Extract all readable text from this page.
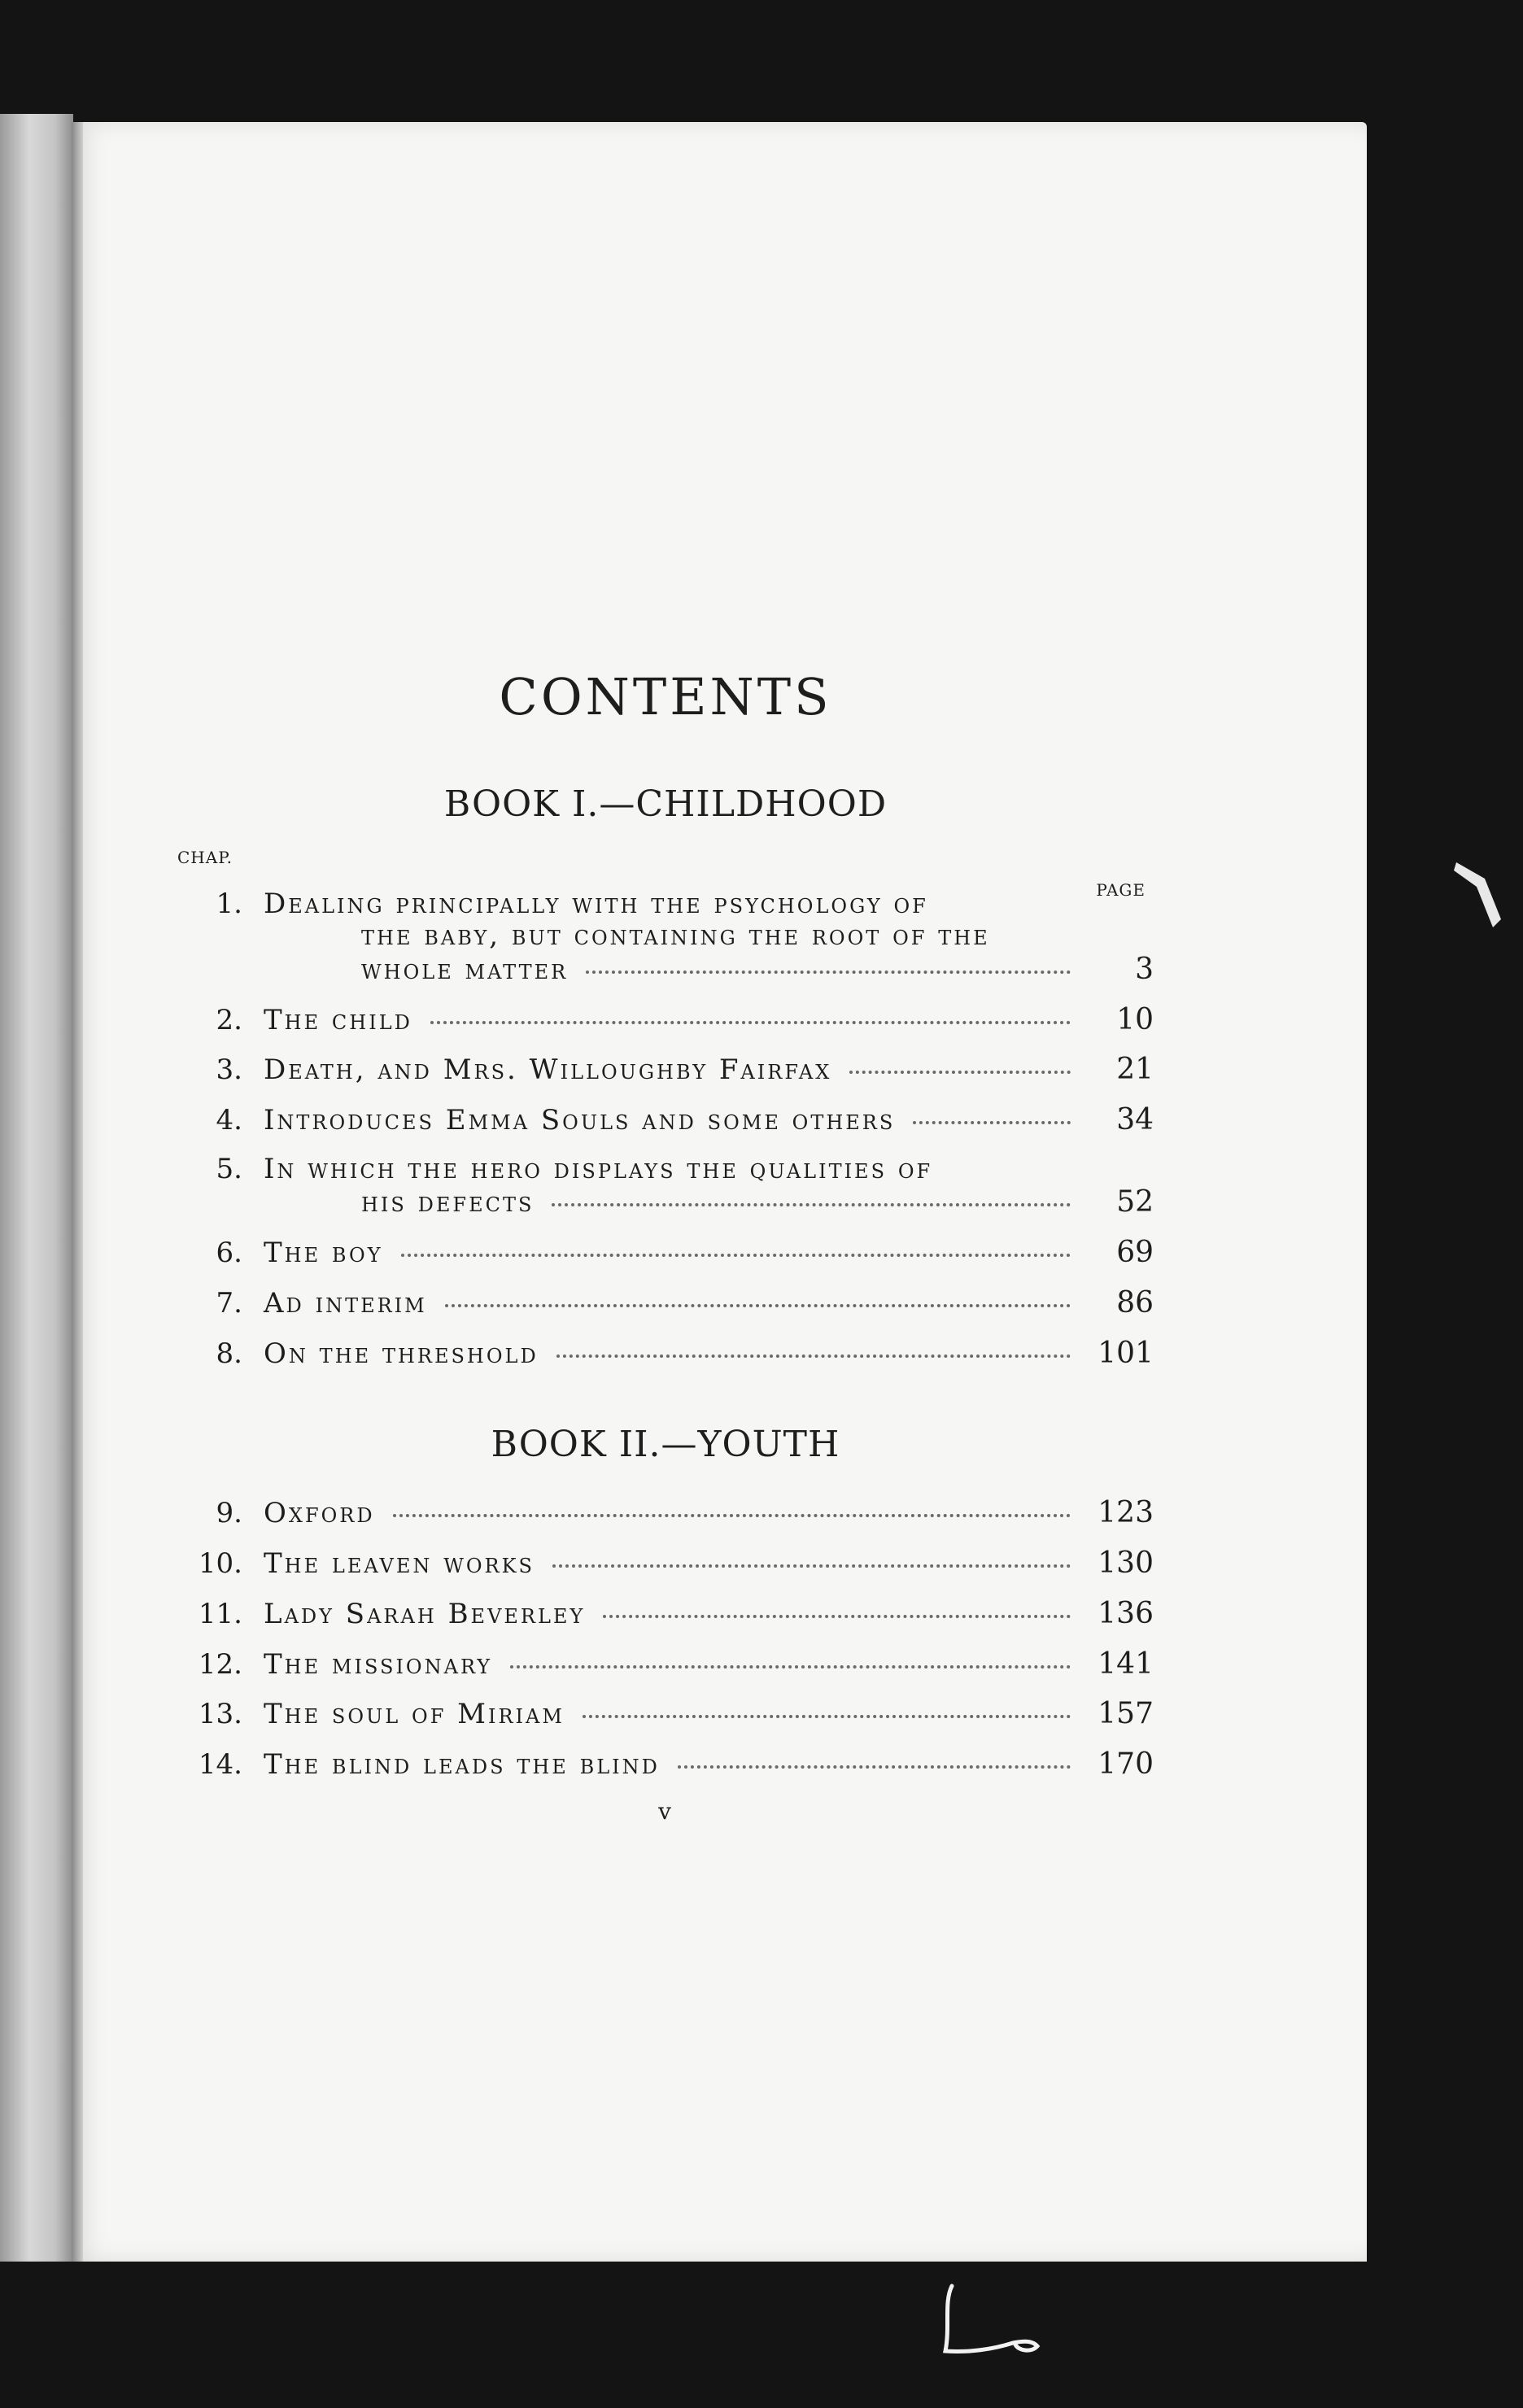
CONTENTS
BOOK I.—CHILDHOOD
CHAP.
PAGE
1. Dealing principally with the psychology of
the baby, but containing the root of the
whole matter	3
2. The child	10
3. Death, and Mrs. Willoughby Fairfax	21
4. Introduces Emma Souls and some others	34
5. In which the hero displays the qualities of
his defects	52
6. The boy	69
7. Ad interim	86
8. On the threshold	101
BOOK II.—YOUTH
9. Oxford	123
10. The leaven works	130
11. Lady Sarah Beverley	136
12. The missionary	141
13. The soul of Miriam	157
14. The blind leads the blind	170
v
